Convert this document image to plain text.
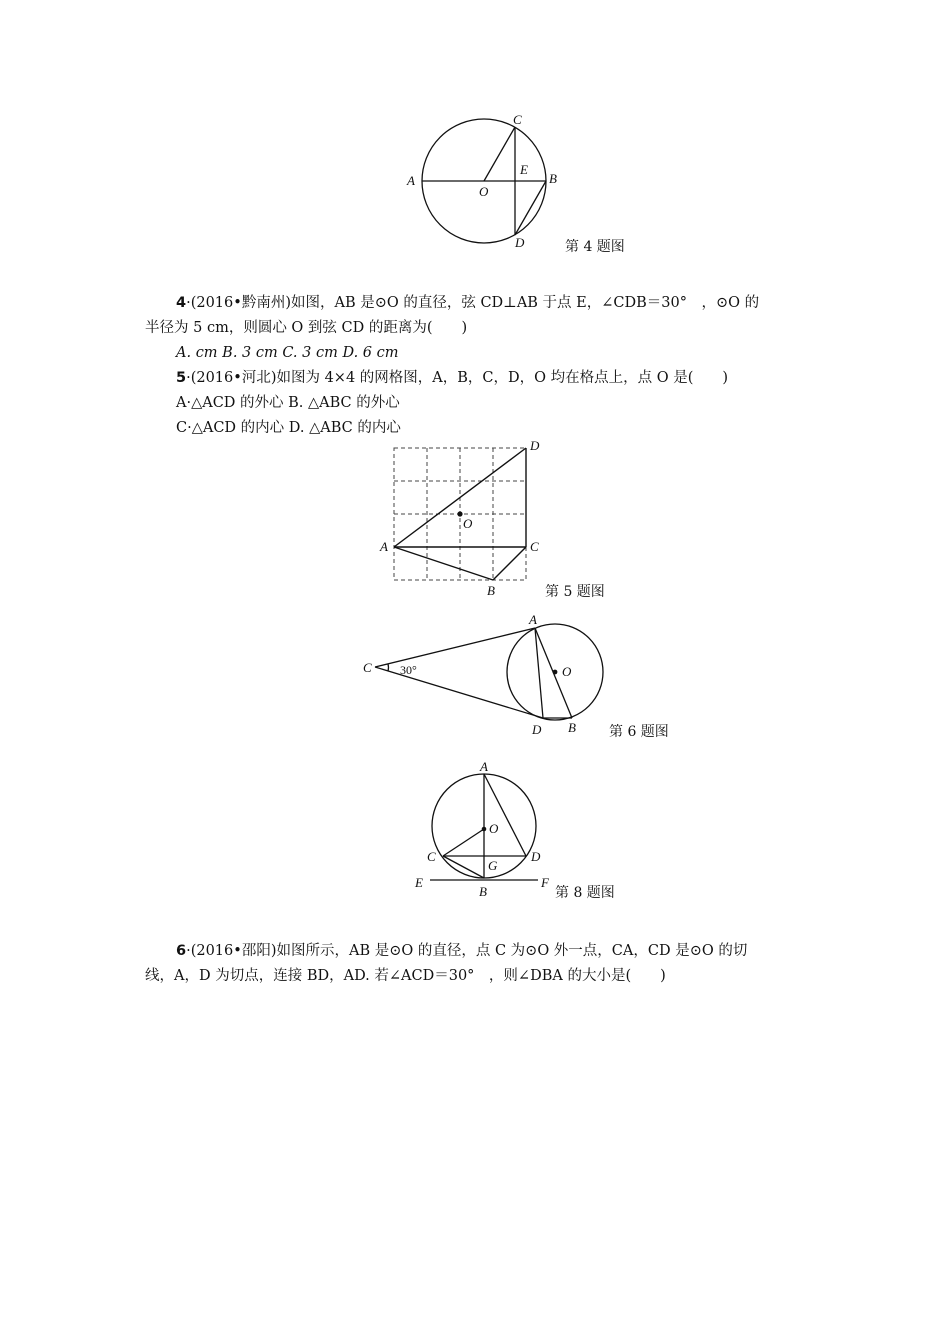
A	B
C
D
E
O
第 4 题图
4·(2016•黔南州)如图，AB 是⊙O 的直径，弦 CD⊥AB 于点 E，∠CDB＝30°　，⊙O 的
半径为 5 cm，则圆心 O 到弦 CD 的距离为(　　)
A. cm B. 3 cm C. 3 cm D. 6 cm
5·(2016•河北)如图为 4×4 的网格图，A，B，C，D，O 均在格点上，点 O 是(　　)
A·△ACD 的外心 B. △ABC 的外心
C·△ACD 的内心 D. △ABC 的内心
A
B
C
D
O
第 5 题图
C 30°
A
O
D B 第 6 题图
A
O
C	D
G
B
E	F
第 8 题图
6·(2016•邵阳)如图所示，AB 是⊙O 的直径，点 C 为⊙O 外一点，CA，CD 是⊙O 的切
线，A，D 为切点，连接 BD，AD. 若∠ACD＝30°　，则∠DBA 的大小是(　　)
